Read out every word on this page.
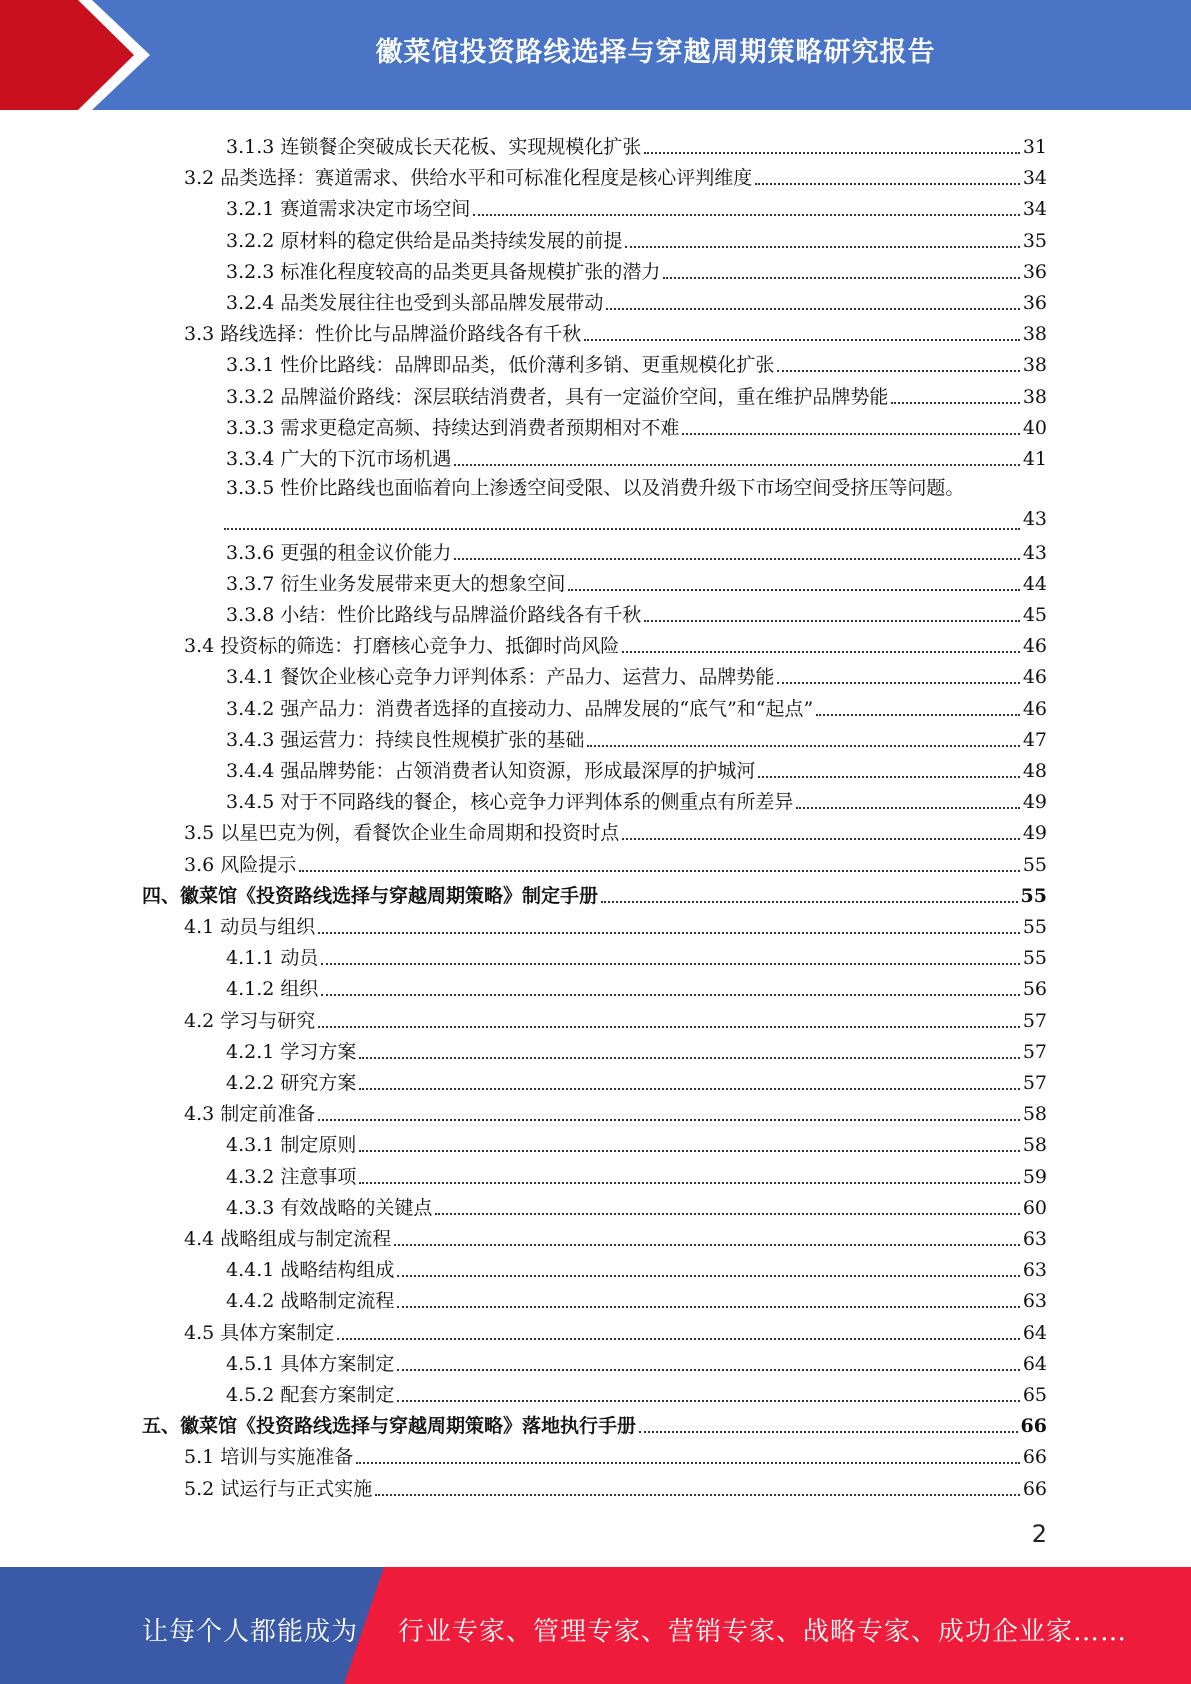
徽菜馆投资路线选择与穿越周期策略研究报告
3.1.3 连锁餐企突破成长天花板、实现规模化扩张	31
3.2 品类选择：赛道需求、供给水平和可标准化程度是核心评判维度	34
3.2.1 赛道需求决定市场空间	34
3.2.2 原材料的稳定供给是品类持续发展的前提	35
3.2.3 标准化程度较高的品类更具备规模扩张的潜力	36
3.2.4 品类发展往往也受到头部品牌发展带动	36
3.3 路线选择：性价比与品牌溢价路线各有千秋	38
3.3.1 性价比路线：品牌即品类，低价薄利多销、更重规模化扩张	38
3.3.2 品牌溢价路线：深层联结消费者，具有一定溢价空间，重在维护品牌势能	38
3.3.3 需求更稳定高频、持续达到消费者预期相对不难	40
3.3.4 广大的下沉市场机遇	41
3.3.5 性价比路线也面临着向上渗透空间受限、以及消费升级下市场空间受挤压等问题。
43
3.3.6 更强的租金议价能力	43
3.3.7 衍生业务发展带来更大的想象空间	44
3.3.8 小结：性价比路线与品牌溢价路线各有千秋	45
3.4 投资标的筛选：打磨核心竞争力、抵御时尚风险	46
3.4.1 餐饮企业核心竞争力评判体系：产品力、运营力、品牌势能	46
3.4.2 强产品力：消费者选择的直接动力、品牌发展的“底气”和“起点”	46
3.4.3 强运营力：持续良性规模扩张的基础	47
3.4.4 强品牌势能：占领消费者认知资源，形成最深厚的护城河	48
3.4.5 对于不同路线的餐企，核心竞争力评判体系的侧重点有所差异	49
3.5 以星巴克为例，看餐饮企业生命周期和投资时点	49
3.6 风险提示	55
四、徽菜馆《投资路线选择与穿越周期策略》制定手册	55
4.1 动员与组织	55
4.1.1 动员	55
4.1.2 组织	56
4.2 学习与研究	57
4.2.1 学习方案	57
4.2.2 研究方案	57
4.3 制定前准备	58
4.3.1 制定原则	58
4.3.2 注意事项	59
4.3.3 有效战略的关键点	60
4.4 战略组成与制定流程	63
4.4.1 战略结构组成	63
4.4.2 战略制定流程	63
4.5 具体方案制定	64
4.5.1 具体方案制定	64
4.5.2 配套方案制定	65
五、徽菜馆《投资路线选择与穿越周期策略》落地执行手册	66
5.1 培训与实施准备	66
5.2 试运行与正式实施	66
2
让每个人都能成为 行业专家、管理专家、营销专家、战略专家、成功企业家……
